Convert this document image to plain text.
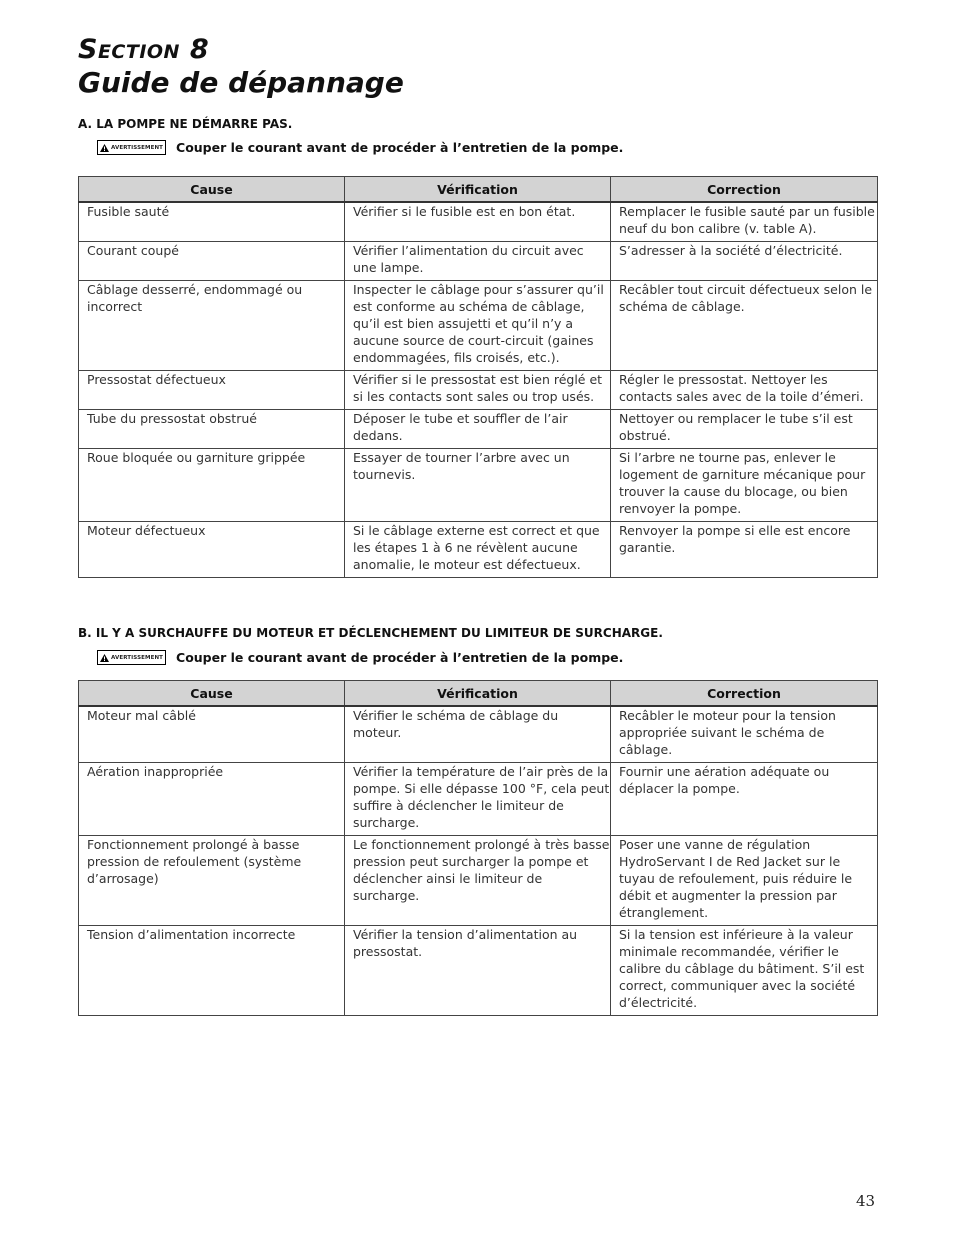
Section 8
Guide de dépannage
A. LA POMPE NE DÉMARRE PAS.
AVERTISSEMENT Couper le courant avant de procéder à l’entretien de la pompe.
Cause	Vérification	Correction
Fusible sauté	Vérifier si le fusible est en bon état.	Remplacer le fusible sauté par un fusible neuf du bon calibre (v. table A).
Courant coupé	Vérifier l’alimentation du circuit avec une lampe.	S’adresser à la société d’électricité.
Câblage desserré, endommagé ou incorrect	Inspecter le câblage pour s’assurer qu’il est conforme au schéma de câblage, qu’il est bien assujetti et qu’il n’y a aucune source de court-circuit (gaines endommagées, fils croisés, etc.).	Recâbler tout circuit défectueux selon le schéma de câblage.
Pressostat défectueux	Vérifier si le pressostat est bien réglé et si les contacts sont sales ou trop usés.	Régler le pressostat. Nettoyer les contacts sales avec de la toile d’émeri.
Tube du pressostat obstrué	Déposer le tube et souffler de l’air dedans.	Nettoyer ou remplacer le tube s’il est obstrué.
Roue bloquée ou garniture grippée	Essayer de tourner l’arbre avec un tournevis.	Si l’arbre ne tourne pas, enlever le logement de garniture mécanique pour trouver la cause du blocage, ou bien renvoyer la pompe.
Moteur défectueux	Si le câblage externe est correct et que les étapes 1 à 6 ne révèlent aucune anomalie, le moteur est défectueux.	Renvoyer la pompe si elle est encore garantie.
B. IL Y A SURCHAUFFE DU MOTEUR ET DÉCLENCHEMENT DU LIMITEUR DE SURCHARGE.
AVERTISSEMENT Couper le courant avant de procéder à l’entretien de la pompe.
Cause	Vérification	Correction
Moteur mal câblé	Vérifier le schéma de câblage du moteur.	Recâbler le moteur pour la tension appropriée suivant le schéma de câblage.
Aération inappropriée	Vérifier la température de l’air près de la pompe. Si elle dépasse 100 °F, cela peut suffire à déclencher le limiteur de surcharge.	Fournir une aération adéquate ou déplacer la pompe.
Fonctionnement prolongé à basse pression de refoulement (système d’arrosage)	Le fonctionnement prolongé à très basse pression peut surcharger la pompe et déclencher ainsi le limiteur de surcharge.	Poser une vanne de régulation HydroServant I de Red Jacket sur le tuyau de refoulement, puis réduire le débit et augmenter la pression par étranglement.
Tension d’alimentation incorrecte	Vérifier la tension d’alimentation au pressostat.	Si la tension est inférieure à la valeur minimale recommandée, vérifier le calibre du câblage du bâtiment. S’il est correct, communiquer avec la société d’électricité.
43
